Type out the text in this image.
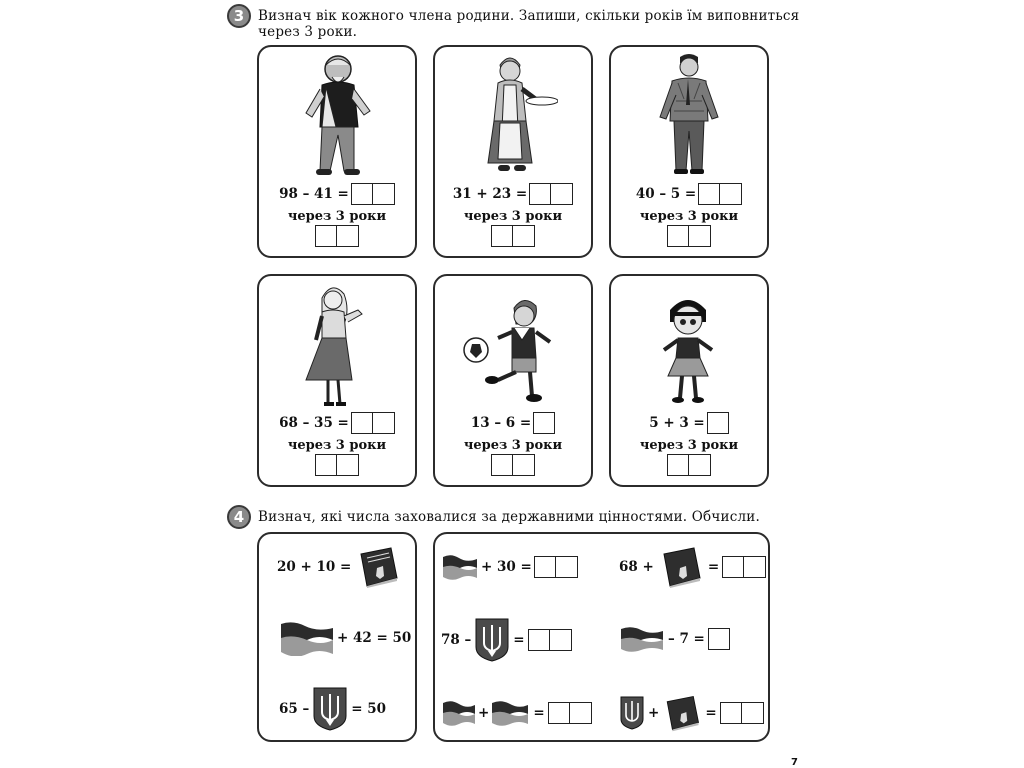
3 Визнач вік кожного члена родини. Запиши, скільки років їм виповниться
через 3 роки.
98 – 41 =
через 3 роки
31 + 23 =
через 3 роки
40 – 5 =
через 3 роки
68 – 35 =
через 3 роки
13 – 6 =
через 3 роки
5 + 3 =
через 3 роки
4 Визнач, які числа заховалися за державними цінностями. Обчисли.
20 + 10 =
+ 42 = 50
65 –	= 50
+ 30 =	68 +	=
78 –	=	– 7 =
+	=	+	=
7
